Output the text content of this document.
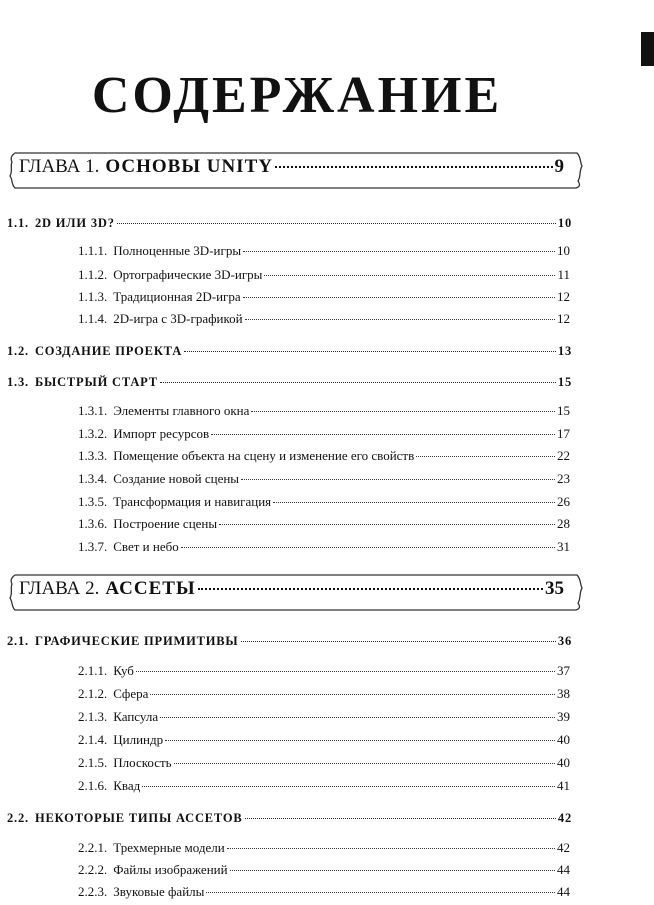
СОДЕРЖАНИЕ
ГЛАВА 1. ОСНОВЫ UNITY	9
1.1. 2D ИЛИ 3D?	10
1.1.1. Полноценные 3D-игры	10
1.1.2. Ортографические 3D-игры	11
1.1.3. Традиционная 2D-игра	12
1.1.4. 2D-игра с 3D-графикой	12
1.2. СОЗДАНИЕ ПРОЕКТА	13
1.3. БЫСТРЫЙ СТАРТ	15
1.3.1. Элементы главного окна	15
1.3.2. Импорт ресурсов	17
1.3.3. Помещение объекта на сцену и изменение его свойств	22
1.3.4. Создание новой сцены	23
1.3.5. Трансформация и навигация	26
1.3.6. Построение сцены	28
1.3.7. Свет и небо	31
ГЛАВА 2. АССЕТЫ	35
2.1. ГРАФИЧЕСКИЕ ПРИМИТИВЫ	36
2.1.1. Куб	37
2.1.2. Сфера	38
2.1.3. Капсула	39
2.1.4. Цилиндр	40
2.1.5. Плоскость	40
2.1.6. Квад	41
2.2. НЕКОТОРЫЕ ТИПЫ АССЕТОВ	42
2.2.1. Трехмерные модели	42
2.2.2. Файлы изображений	44
2.2.3. Звуковые файлы	44
